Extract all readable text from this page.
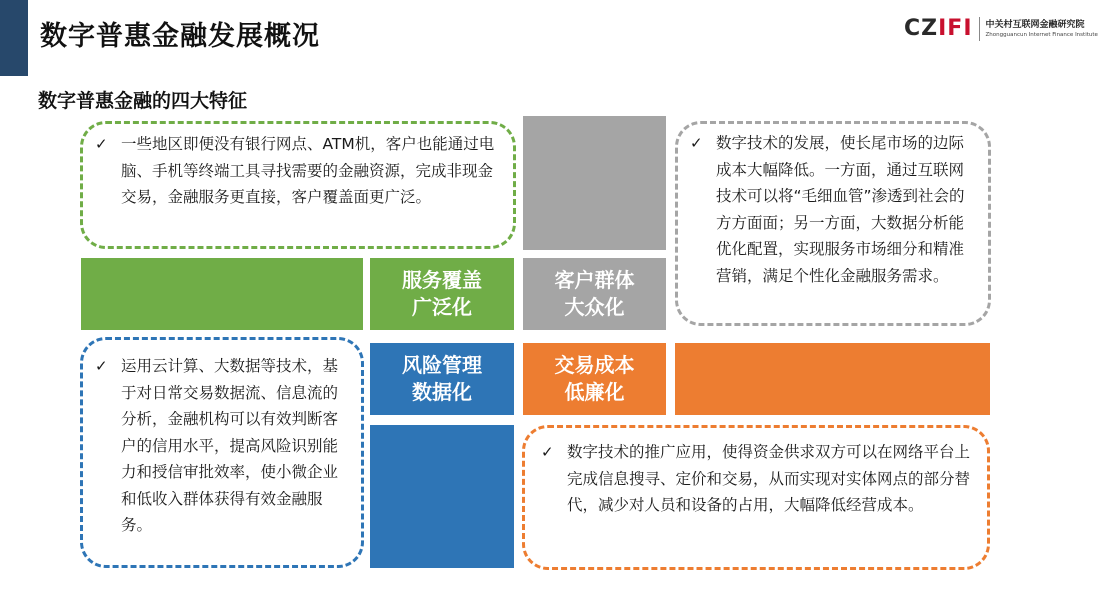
数字普惠金融发展概况	CZIFI 中关村互联网金融研究院
Zhongguancun Internet Finance Institute
数字普惠金融的四大特征
服务覆盖
广泛化
客户群体
大众化
风险管理
数据化
交易成本
低廉化
✓ 一些地区即便没有银行网点、ATM机，客户也能通过电脑、手机等终端工具寻找需要的金融资源，完成非现金交易，金融服务更直接，客户覆盖面更广泛。
✓ 数字技术的发展，使长尾市场的边际成本大幅降低。一方面，通过互联网技术可以将“毛细血管”渗透到社会的方方面面；另一方面，大数据分析能优化配置，实现服务市场细分和精准营销，满足个性化金融服务需求。
✓ 运用云计算、大数据等技术，基于对日常交易数据流、信息流的分析，金融机构可以有效判断客户的信用水平，提高风险识别能力和授信审批效率，使小微企业和低收入群体获得有效金融服务。
✓ 数字技术的推广应用，使得资金供求双方可以在网络平台上完成信息搜寻、定价和交易，从而实现对实体网点的部分替代，减少对人员和设备的占用，大幅降低经营成本。
